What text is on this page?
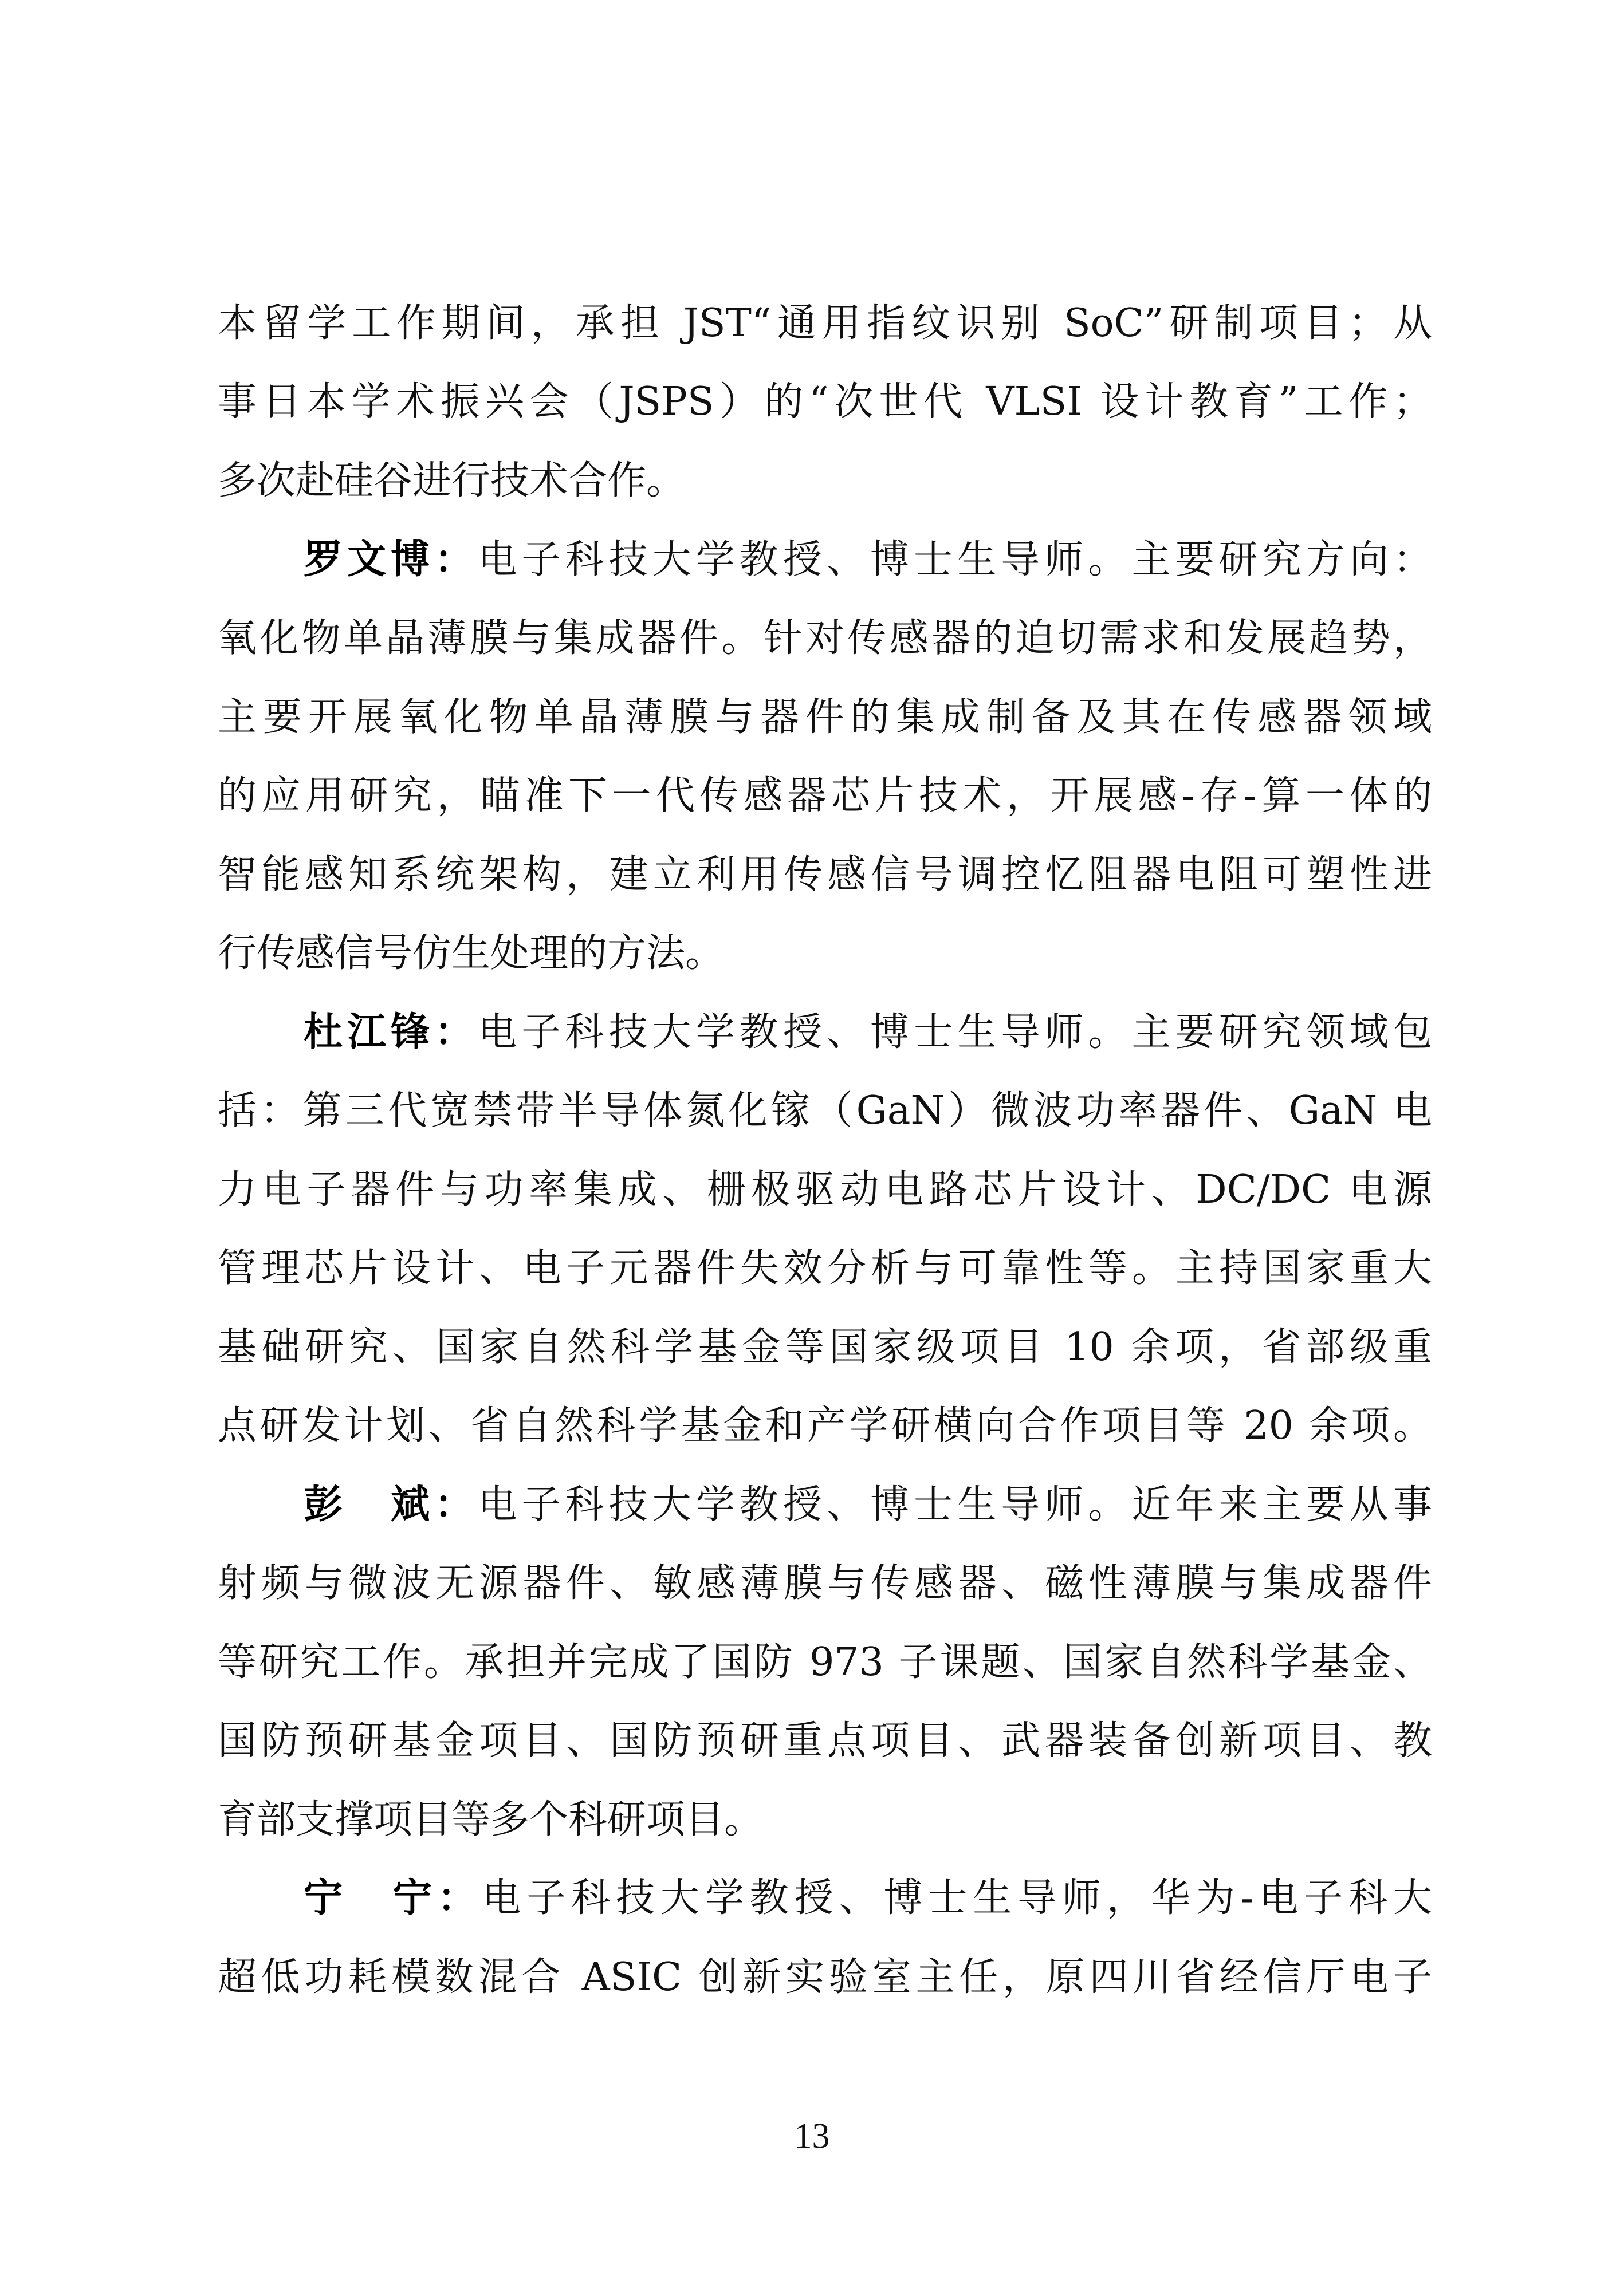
本留学工作期间，承担 JST“通用指纹识别 SoC”研制项目；从
事日本学术振兴会（JSPS）的“次世代 VLSI 设计教育”工作；
多次赴硅谷进行技术合作。
罗文博：电子科技大学教授、博士生导师。主要研究方向：
氧化物单晶薄膜与集成器件。针对传感器的迫切需求和发展趋势，
主要开展氧化物单晶薄膜与器件的集成制备及其在传感器领域
的应用研究，瞄准下一代传感器芯片技术，开展感-存-算一体的
智能感知系统架构，建立利用传感信号调控忆阻器电阻可塑性进
行传感信号仿生处理的方法。
杜江锋：电子科技大学教授、博士生导师。主要研究领域包
括：第三代宽禁带半导体氮化镓（GaN）微波功率器件、GaN 电
力电子器件与功率集成、栅极驱动电路芯片设计、DC/DC 电源
管理芯片设计、电子元器件失效分析与可靠性等。主持国家重大
基础研究、国家自然科学基金等国家级项目 10 余项，省部级重
点研发计划、省自然科学基金和产学研横向合作项目等 20 余项。
彭　斌：电子科技大学教授、博士生导师。近年来主要从事
射频与微波无源器件、敏感薄膜与传感器、磁性薄膜与集成器件
等研究工作。承担并完成了国防 973 子课题、国家自然科学基金、
国防预研基金项目、国防预研重点项目、武器装备创新项目、教
育部支撑项目等多个科研项目。
宁　宁：电子科技大学教授、博士生导师，华为-电子科大
超低功耗模数混合 ASIC 创新实验室主任，原四川省经信厅电子
13
